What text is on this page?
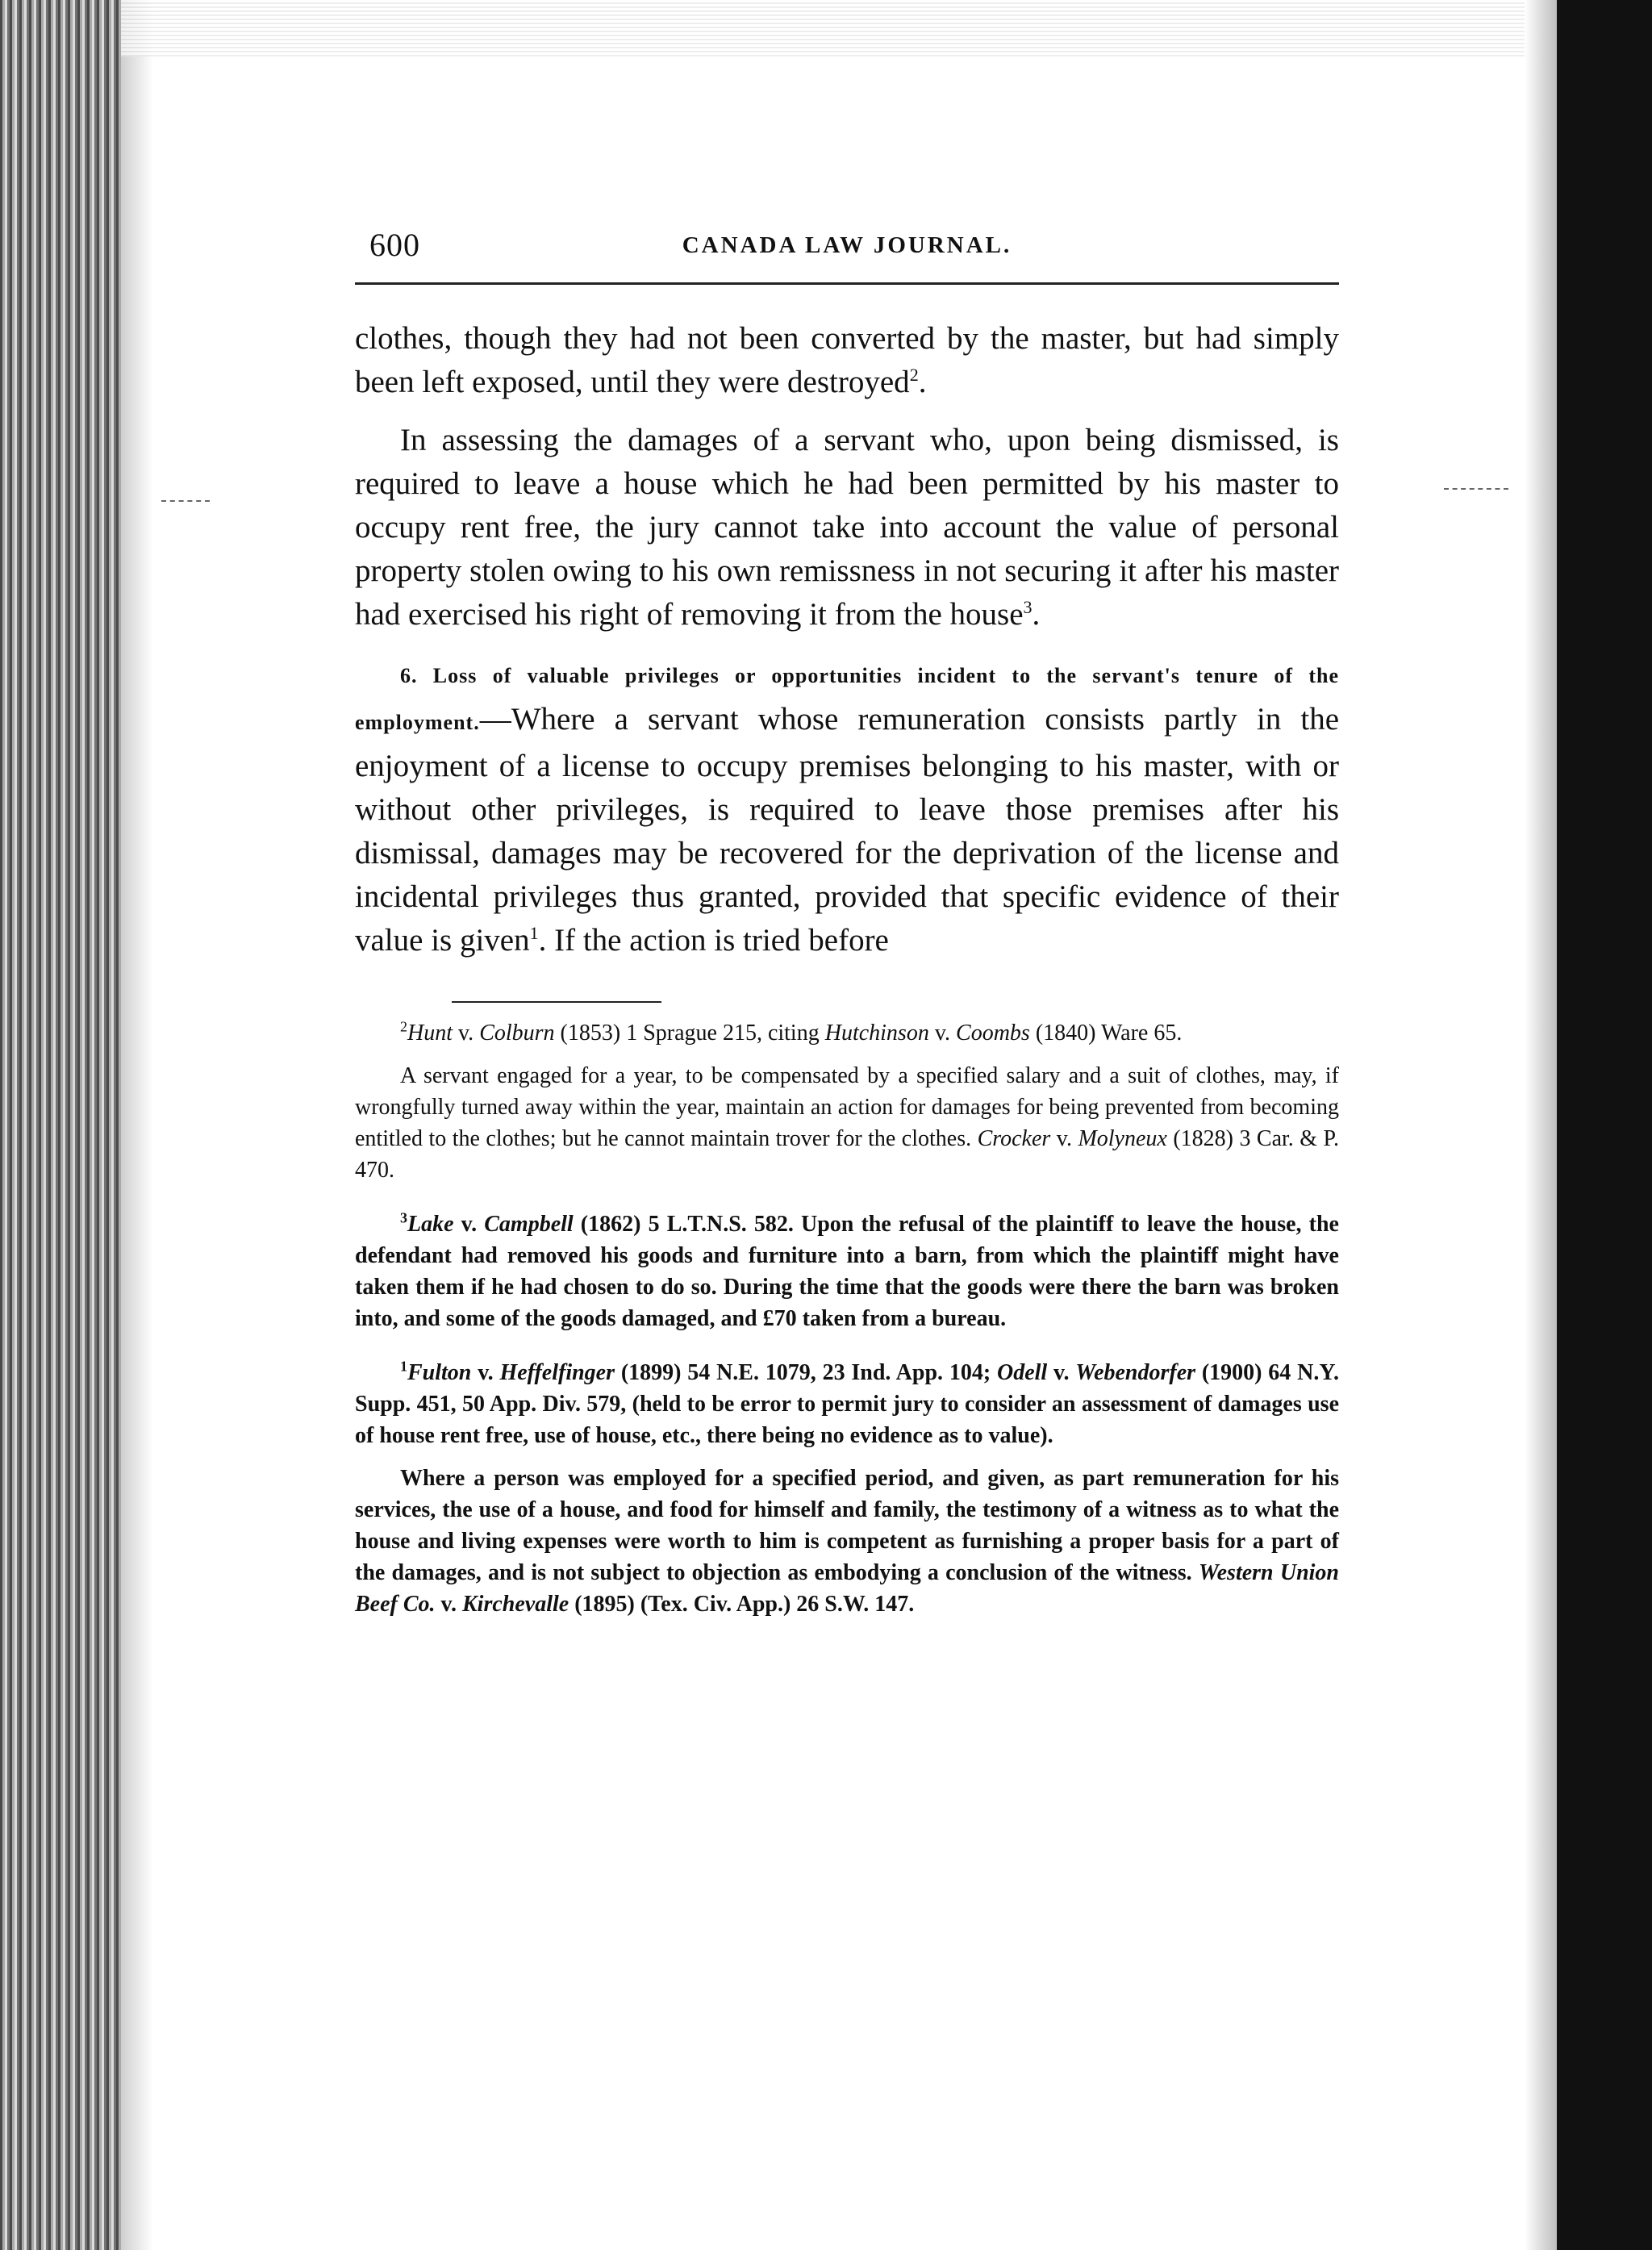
600	CANADA LAW JOURNAL.

clothes, though they had not been converted by the master, but had simply been left exposed, until they were destroyed$^2$.

In assessing the damages of a servant who, upon being dismissed, is required to leave a house which he had been permitted by his master to occupy rent free, the jury cannot take into account the value of personal property stolen owing to his own remissness in not securing it after his master had exercised his right of removing it from the house$^3$.

6. Loss of valuable privileges or opportunities incident to the servant's tenure of the employment.—Where a servant whose remuneration consists partly in the enjoyment of a license to occupy premises belonging to his master, with or without other privileges, is required to leave those premises after his dismissal, damages may be recovered for the deprivation of the license and incidental privileges thus granted, provided that specific evidence of their value is given$^1$. If the action is tried before

$^2$Hunt v. Colburn (1853) 1 Sprague 215, citing Hutchinson v. Coombs (1840) Ware 65.

A servant engaged for a year, to be compensated by a specified salary and a suit of clothes, may, if wrongfully turned away within the year, maintain an action for damages for being prevented from becoming entitled to the clothes; but he cannot maintain trover for the clothes. Crocker v. Molyneux (1828) 3 Car. & P. 470.

$^3$Lake v. Campbell (1862) 5 L.T.N.S. 582. Upon the refusal of the plaintiff to leave the house, the defendant had removed his goods and furniture into a barn, from which the plaintiff might have taken them if he had chosen to do so. During the time that the goods were there the barn was broken into, and some of the goods damaged, and £70 taken from a bureau.

$^1$Fulton v. Heffelfinger (1899) 54 N.E. 1079, 23 Ind. App. 104; Odell v. Webendorfer (1900) 64 N.Y. Supp. 451, 50 App. Div. 579, (held to be error to permit jury to consider an assessment of damages use of house rent free, use of house, etc., there being no evidence as to value).

Where a person was employed for a specified period, and given, as part remuneration for his services, the use of a house, and food for himself and family, the testimony of a witness as to what the house and living expenses were worth to him is competent as furnishing a proper basis for a part of the damages, and is not subject to objection as embodying a conclusion of the witness. Western Union Beef Co. v. Kirchevalle (1895) (Tex. Civ. App.) 26 S.W. 147.
